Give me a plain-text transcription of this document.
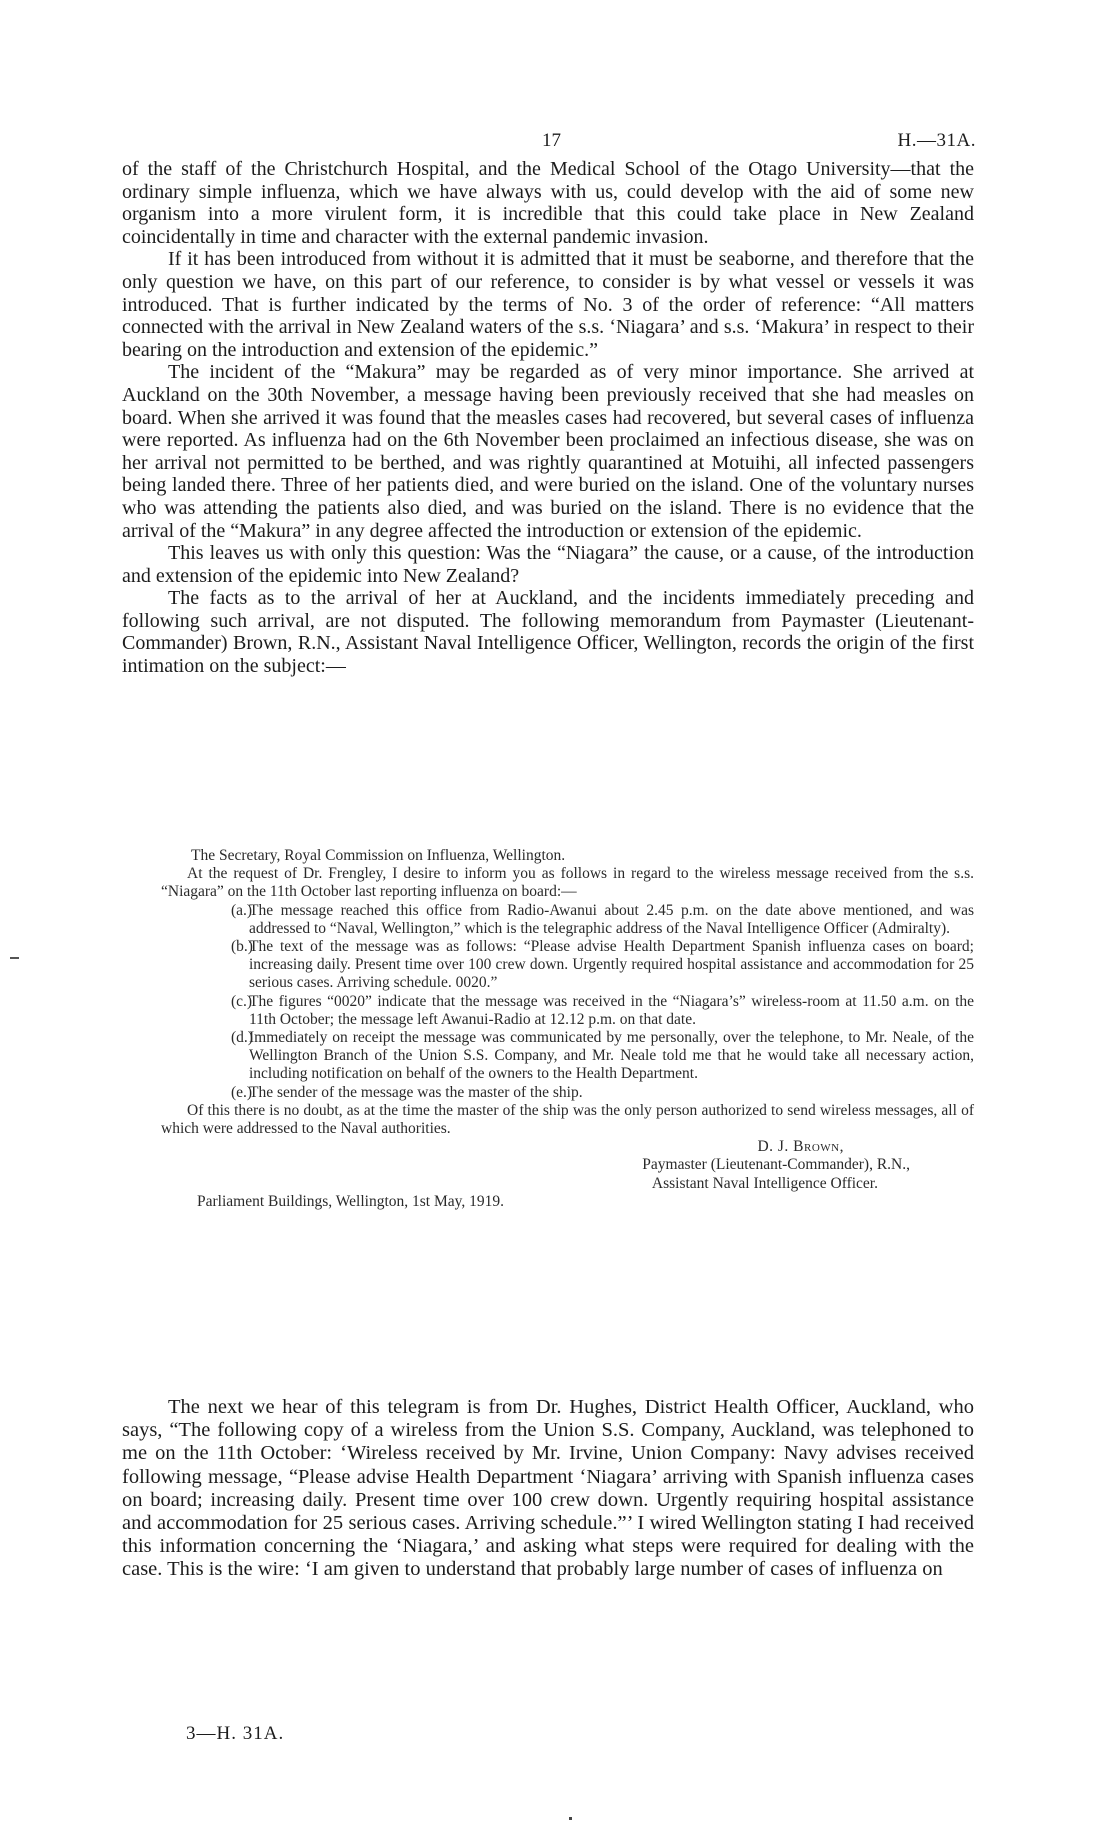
17	H.—31A.

of the staff of the Christchurch Hospital, and the Medical School of the Otago University—that the ordinary simple influenza, which we have always with us, could develop with the aid of some new organism into a more virulent form, it is incredible that this could take place in New Zealand coincidentally in time and character with the external pandemic invasion.

If it has been introduced from without it is admitted that it must be seaborne, and therefore that the only question we have, on this part of our reference, to consider is by what vessel or vessels it was introduced. That is further indicated by the terms of No. 3 of the order of reference: “All matters connected with the arrival in New Zealand waters of the s.s. ‘Niagara’ and s.s. ‘Makura’ in respect to their bearing on the introduction and extension of the epidemic.”

The incident of the “Makura” may be regarded as of very minor importance. She arrived at Auckland on the 30th November, a message having been previously received that she had measles on board. When she arrived it was found that the measles cases had recovered, but several cases of influenza were reported. As influenza had on the 6th November been proclaimed an infectious disease, she was on her arrival not permitted to be berthed, and was rightly quarantined at Motuihi, all infected passengers being landed there. Three of her patients died, and were buried on the island. One of the voluntary nurses who was attending the patients also died, and was buried on the island. There is no evidence that the arrival of the “Makura” in any degree affected the introduction or extension of the epidemic.

This leaves us with only this question: Was the “Niagara” the cause, or a cause, of the introduction and extension of the epidemic into New Zealand?

The facts as to the arrival of her at Auckland, and the incidents immediately preceding and following such arrival, are not disputed. The following memorandum from Paymaster (Lieutenant-Commander) Brown, R.N., Assistant Naval Intelligence Officer, Wellington, records the origin of the first intimation on the subject:—

The Secretary, Royal Commission on Influenza, Wellington.

At the request of Dr. Frengley, I desire to inform you as follows in regard to the wireless message received from the s.s. “Niagara” on the 11th October last reporting influenza on board:—

(a.)
The message reached this office from Radio-Awanui about 2.45 p.m. on the date above mentioned, and was addressed to “Naval, Wellington,” which is the telegraphic address of the Naval Intelligence Officer (Admiralty).

(b.)
The text of the message was as follows: “Please advise Health Department Spanish influenza cases on board; increasing daily. Present time over 100 crew down. Urgently required hospital assistance and accommodation for 25 serious cases. Arriving schedule. 0020.”

(c.)
The figures “0020” indicate that the message was received in the “Niagara’s” wireless-room at 11.50 a.m. on the 11th October; the message left Awanui-Radio at 12.12 p.m. on that date.

(d.)
Immediately on receipt the message was communicated by me personally, over the telephone, to Mr. Neale, of the Wellington Branch of the Union S.S. Company, and Mr. Neale told me that he would take all necessary action, including notification on behalf of the owners to the Health Department.

(e.)
The sender of the message was the master of the ship.

Of this there is no doubt, as at the time the master of the ship was the only person authorized to send wireless messages, all of which were addressed to the Naval authorities.

D. J. Brown,

Paymaster (Lieutenant-Commander), R.N.,

Assistant Naval Intelligence Officer.

Parliament Buildings, Wellington, 1st May, 1919.

The next we hear of this telegram is from Dr. Hughes, District Health Officer, Auckland, who says, “The following copy of a wireless from the Union S.S. Company, Auckland, was telephoned to me on the 11th October: ‘Wireless received by Mr. Irvine, Union Company: Navy advises received following message, “Please advise Health Department ‘Niagara’ arriving with Spanish influenza cases on board; increasing daily. Present time over 100 crew down. Urgently requiring hospital assistance and accommodation for 25 serious cases. Arriving schedule.”’ I wired Wellington stating I had received this information concerning the ‘Niagara,’ and asking what steps were required for dealing with the case. This is the wire: ‘I am given to understand that probably large number of cases of influenza on

3—H. 31A.
